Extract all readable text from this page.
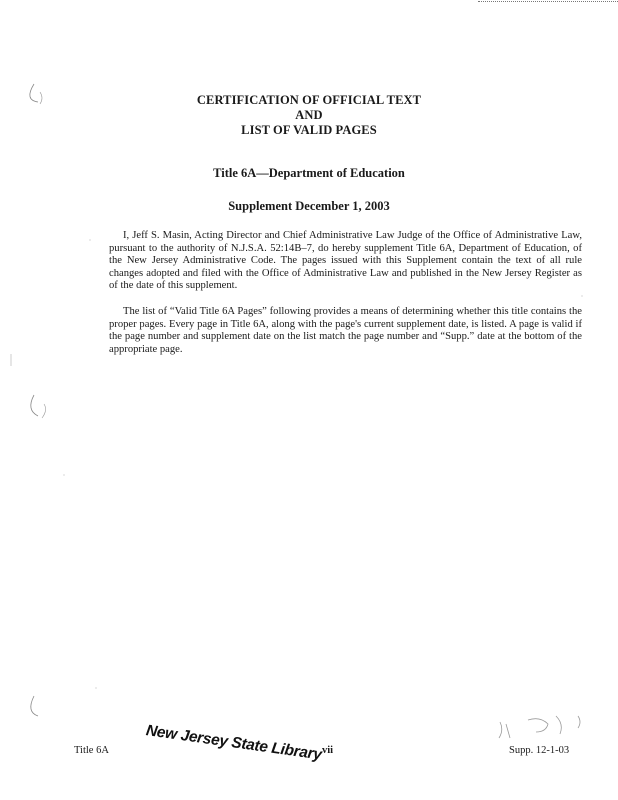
CERTIFICATION OF OFFICIAL TEXT
AND
LIST OF VALID PAGES
Title 6A—Department of Education
Supplement December 1, 2003

I, Jeff S. Masin, Acting Director and Chief Administrative Law Judge of the Office of Administrative Law, pursuant to the authority of N.J.S.A. 52:14B–7, do hereby supplement Title 6A, Department of Education, of the New Jersey Administrative Code. The pages issued with this Supplement contain the text of all rule changes adopted and filed with the Office of Administrative Law and published in the New Jersey Register as of the date of this supplement.

The list of “Valid Title 6A Pages” following provides a means of determining whether this title contains the proper pages. Every page in Title 6A, along with the page's current supplement date, is listed. A page is valid if the page number and supplement date on the list match the page number and “Supp.” date at the bottom of the appropriate page.

New Jersey State Library
Title 6A	vii	Supp. 12-1-03
